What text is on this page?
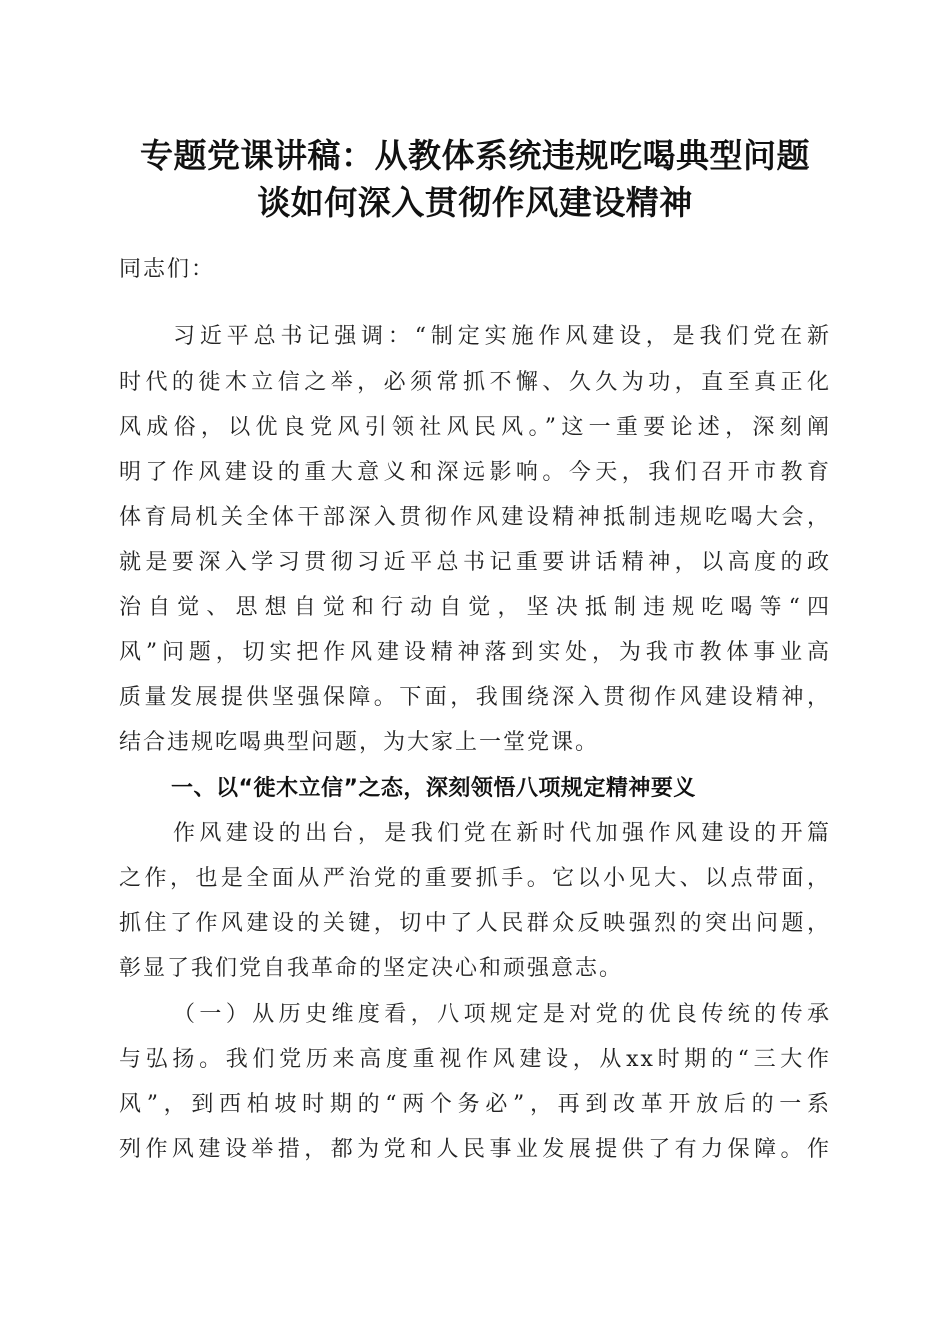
专题党课讲稿：从教体系统违规吃喝典型问题
谈如何深入贯彻作风建设精神
同志们：
习近平总书记强调：“制定实施作风建设，是我们党在新
时代的徙木立信之举，必须常抓不懈、久久为功，直至真正化
风成俗，以优良党风引领社风民风。”这一重要论述，深刻阐
明了作风建设的重大意义和深远影响。今天，我们召开市教育
体育局机关全体干部深入贯彻作风建设精神抵制违规吃喝大会，
就是要深入学习贯彻习近平总书记重要讲话精神，以高度的政
治自觉、思想自觉和行动自觉，坚决抵制违规吃喝等“四
风”问题，切实把作风建设精神落到实处，为我市教体事业高
质量发展提供坚强保障。下面，我围绕深入贯彻作风建设精神，
结合违规吃喝典型问题，为大家上一堂党课。
一、以“徙木立信”之态，深刻领悟八项规定精神要义
作风建设的出台，是我们党在新时代加强作风建设的开篇
之作，也是全面从严治党的重要抓手。它以小见大、以点带面，
抓住了作风建设的关键，切中了人民群众反映强烈的突出问题，
彰显了我们党自我革命的坚定决心和顽强意志。
（一）从历史维度看，八项规定是对党的优良传统的传承
与弘扬。我们党历来高度重视作风建设，从xx时期的“三大作
风”，到西柏坡时期的“两个务必”，再到改革开放后的一系
列作风建设举措，都为党和人民事业发展提供了有力保障。作
